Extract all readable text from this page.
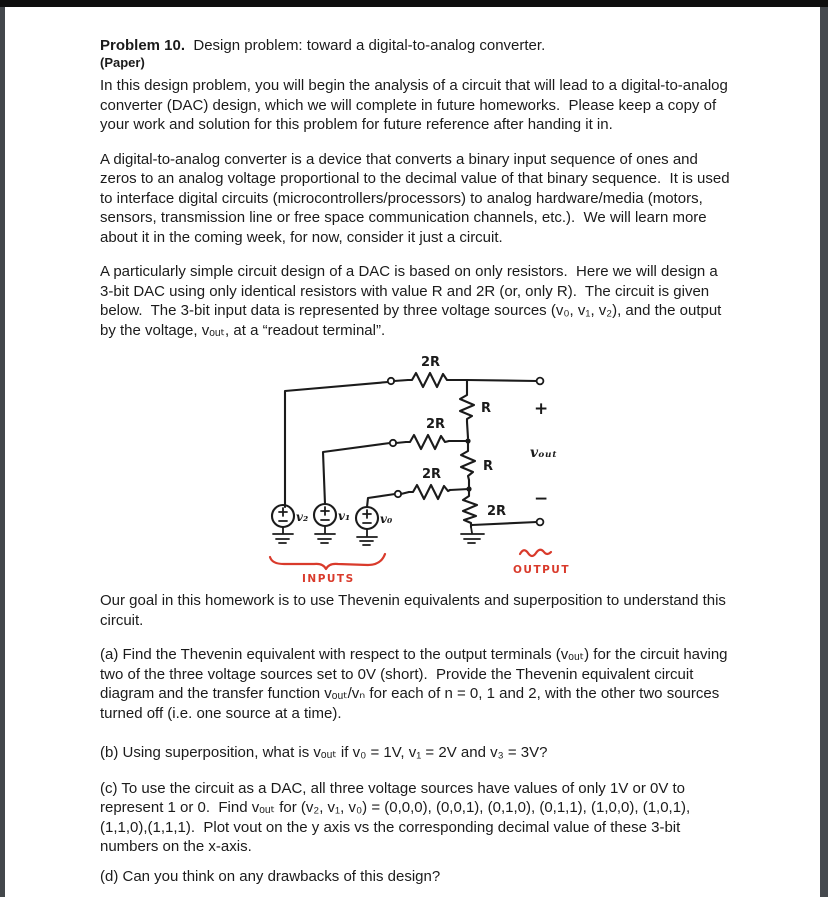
Problem 10.  Design problem: toward a digital-to-analog converter.
(Paper)

In this design problem, you will begin the analysis of a circuit that will lead to a digital-to-analog converter (DAC) design, which we will complete in future homeworks.  Please keep a copy of your work and solution for this problem for future reference after handing it in.

A digital-to-analog converter is a device that converts a binary input sequence of ones and zeros to an analog voltage proportional to the decimal value of that binary sequence.  It is used to interface digital circuits (microcontrollers/processors) to analog hardware/media (motors, sensors, transmission line or free space communication channels, etc.).  We will learn more about it in the coming week, for now, consider it just a circuit.

A particularly simple circuit design of a DAC is based on only resistors.  Here we will design a 3-bit DAC using only identical resistors with value R and 2R (or, only R).  The circuit is given below.  The 3-bit input data is represented by three voltage sources (v₀, v₁, v₂), and the output by the voltage, vₒᵤₜ, at a “readout terminal”.

2R
2R
2R
R
R
2R
+
vₒᵤₜ
−
v₂ v₁ v₀
INPUTS
OUTPUT

Our goal in this homework is to use Thevenin equivalents and superposition to understand this circuit.

(a) Find the Thevenin equivalent with respect to the output terminals (vₒᵤₜ) for the circuit having two of the three voltage sources set to 0V (short).  Provide the Thevenin equivalent circuit diagram and the transfer function vₒᵤₜ/vₙ for each of n = 0, 1 and 2, with the other two sources turned off (i.e. one source at a time).

(b) Using superposition, what is vₒᵤₜ if v₀ = 1V, v₁ = 2V and v₃ = 3V?

(c) To use the circuit as a DAC, all three voltage sources have values of only 1V or 0V to represent 1 or 0.  Find vₒᵤₜ for (v₂, v₁, v₀) = (0,0,0), (0,0,1), (0,1,0), (0,1,1), (1,0,0), (1,0,1), (1,1,0),(1,1,1).  Plot vout on the y axis vs the corresponding decimal value of these 3-bit numbers on the x-axis.

(d) Can you think on any drawbacks of this design?
